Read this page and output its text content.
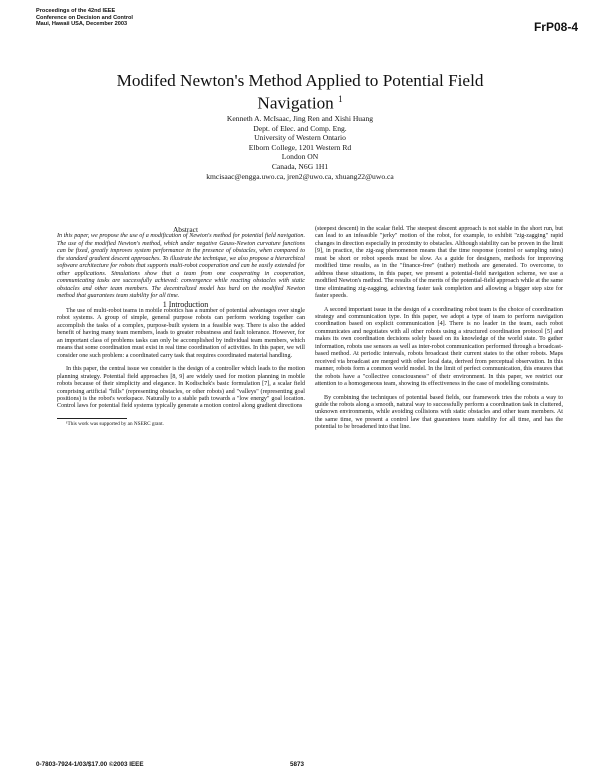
Proceedings of the 42nd IEEE
Conference on Decision and Control
Maui, Hawaii USA, December 2003	FrP08-4
Modifed Newton's Method Applied to Potential Field
Navigation $^1$
Kenneth A. McIsaac, Jing Ren and Xishi Huang
Dept. of Elec. and Comp. Eng.
University of Western Ontario
Elborn College, 1201 Western Rd
London ON
Canada, N6G 1H1
kmcisaac@engga.uwo.ca, jren2@uwo.ca, xhuang22@uwo.ca

Abstract

In this paper, we propose the use of a modification of Newton's method for potential field navigation. The use of the modified Newton's method, which under negative Gauss-Newton curvature functions can be fixed, greatly improves system performance in the presence of obstacles, when compared to the standard gradient descent approaches. To illustrate the technique, we also propose a hierarchical software architecture for robots that supports multi-robot cooperation and can be easily extended for other applications. Simulations show that a team from one cooperating in cooperation, communicating tasks are successfully achieved: convergence while reacting obstacles with static obstacles and other team members. The decentralized model has hard on the modified Newton method that guarantees team stability for all time.

1 Introduction

The use of multi-robot teams in mobile robotics has a number of potential advantages over single robot systems. A group of simple, general purpose robots can perform working together can accomplish the tasks of a complex, purpose-built system in a feasible way. There is also the added benefit of having many team members, leads to greater robustness and fault tolerance. However, for an important class of problems tasks can only be accomplished by individual team members, which means that some coordination must exist in real time coordination of activities. In this paper, we will consider one such problem: a coordinated carry task that requires coordinated material handling.

In this paper, the central issue we consider is the design of a controller which leads to the motion planning strategy. Potential field approaches [8, 9] are widely used for motion planning in mobile robots because of their simplicity and elegance. In Kodischek's basic formulation [7], a scalar field comprising artificial "hills" (representing obstacles, or other robots) and "valleys" (representing goal positions) is the robot's workspace. Naturally to a stable path towards a "low energy" goal location. Control laws for potential field systems typically generate a motion control along gradient directions

¹This work was supported by an NSERC grant.

(steepest descent) in the scalar field. The steepest descent approach is not stable in the short run, but can lead to an infeasible "jerky" motion of the robot, for example, to exhibit "zig-zagging" rapid changes in direction especially in proximity to obstacles. Although stability can be proven in the limit [9], in practice, the zig-zag phenomenon means that the time response (control or sampling rates) must be short or robot speeds must be slow. As a guide for designers, methods for improving modified time results, as in the "finance-free" (rather) methods are generated. To overcome, to address these situations, in this paper, we present a potential-field navigation scheme, we use a modified Newton's method. The results of the merits of the potential-field approach while at the same time eliminating zig-zagging, achieving faster task completion and allowing a bigger step size for faster speeds.

A second important issue in the design of a coordinating robot team is the choice of coordination strategy and communication type. In this paper, we adopt a type of team to perform navigation coordination based on explicit communication [4]. There is no leader in the team, each robot communicates and negotiates with all other robots using a structured coordination protocol [5] and makes its own coordination decisions solely based on its knowledge of the world state. To gather information, robots use sensors as well as inter-robot communication performed through a broadcast-based method. At periodic intervals, robots broadcast their current states to the other robots. Maps received via broadcast are merged with other local data, derived from perceptual observation. In this manner, robots form a common world model. In the limit of perfect communication, this ensures that the robots have a "collective consciousness" of their environment. In this paper, we restrict our attention to a homogeneous team, showing its effectiveness in the case of modelling constraints.

By combining the techniques of potential based fields, our framework tries the robots a way to guide the robots along a smooth, natural way to successfully perform a coordination task in cluttered, unknown environments, while avoiding collisions with static obstacles and other team members. At the same time, we present a control law that guarantees team stability for all time, and has the potential to be broadened into that line.

0-7803-7924-1/03/$17.00 ©2003 IEEE	5873
